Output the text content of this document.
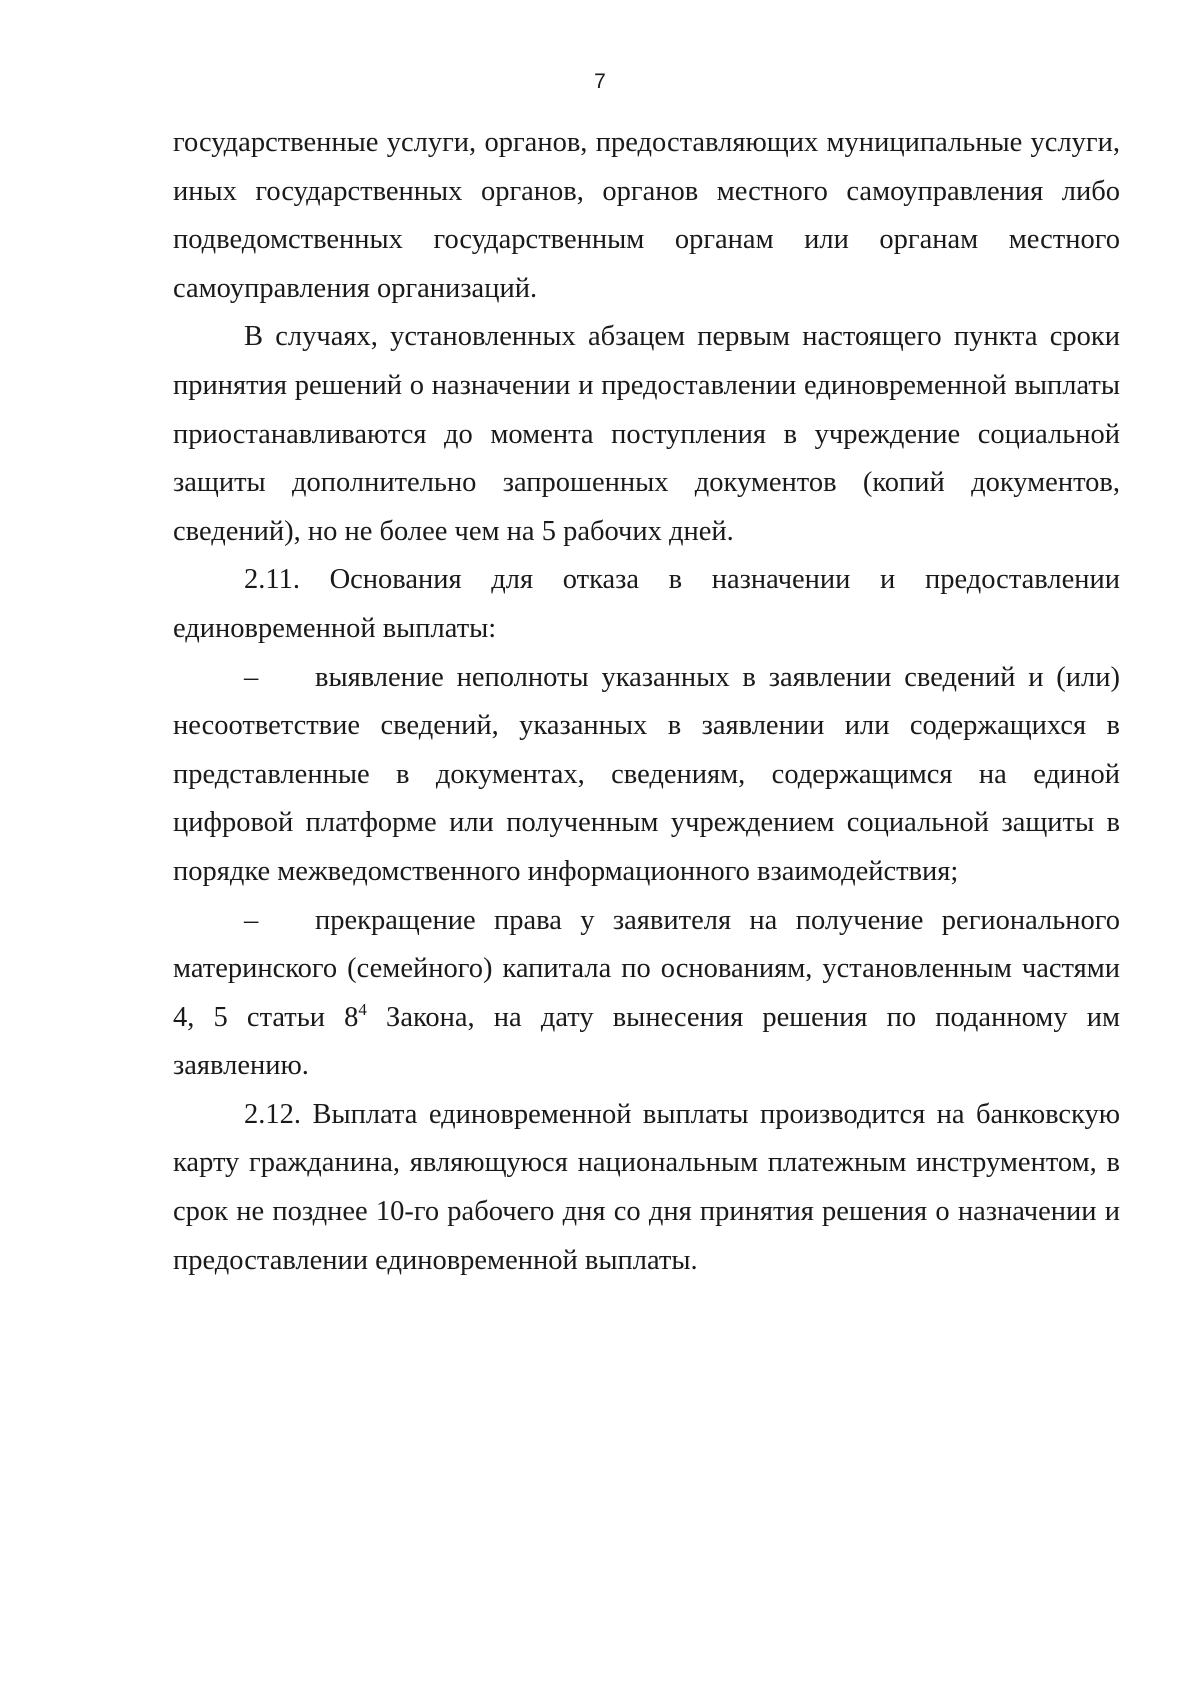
7

государственные услуги, органов, предоставляющих муниципальные услуги, иных государственных органов, органов местного самоуправления либо подведомственных государственным органам или органам местного самоуправления организаций.

В случаях, установленных абзацем первым настоящего пункта сроки принятия решений о назначении и предоставлении единовременной выплаты приостанавливаются до момента поступления в учреждение социальной защиты дополнительно запрошенных документов (копий документов, сведений), но не более чем на 5 рабочих дней.

2.11. Основания для отказа в назначении и предоставлении единовременной выплаты:

– выявление неполноты указанных в заявлении сведений и (или) несоответствие сведений, указанных в заявлении или содержащихся в представленные в документах, сведениям, содержащимся на единой цифровой платформе или полученным учреждением социальной защиты в порядке межведомственного информационного взаимодействия;

– прекращение права у заявителя на получение регионального материнского (семейного) капитала по основаниям, установленным частями 4, 5 статьи $8^4$ Закона, на дату вынесения решения по поданному им заявлению.

2.12. Выплата единовременной выплаты производится на банковскую карту гражданина, являющуюся национальным платежным инструментом, в срок не позднее 10-го рабочего дня со дня принятия решения о назначении и предоставлении единовременной выплаты.
